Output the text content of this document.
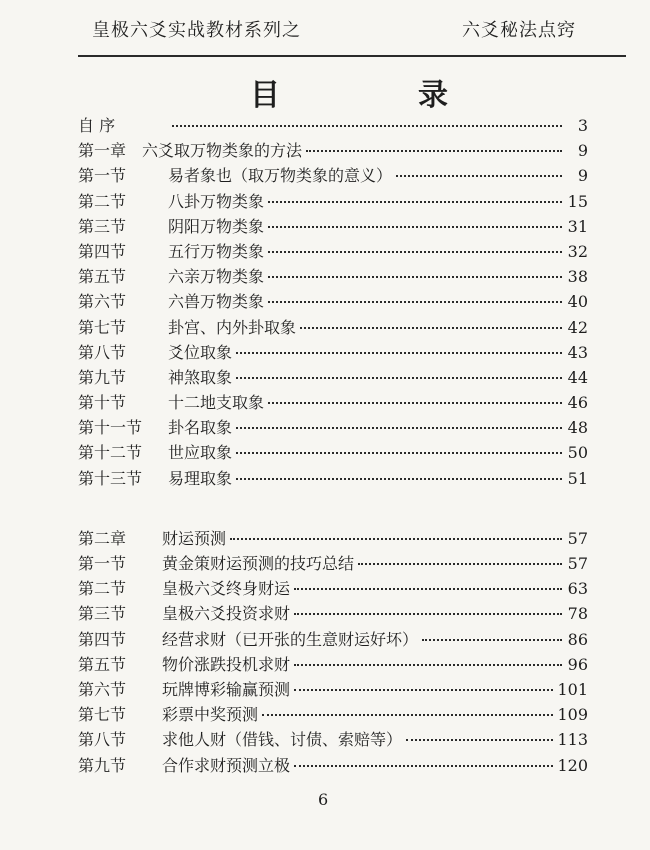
皇极六爻实战教材系列之	六爻秘法点窍
目　录
自 序	3
第一章 六爻取万物类象的方法	9
第一节	易者象也（取万物类象的意义）	9
第二节	八卦万物类象	15
第三节	阴阳万物类象	31
第四节	五行万物类象	32
第五节	六亲万物类象	38
第六节	六兽万物类象	40
第七节	卦宫、内外卦取象	42
第八节	爻位取象	43
第九节	神煞取象	44
第十节	十二地支取象	46
第十一节	卦名取象	48
第十二节	世应取象	50
第十三节	易理取象	51
第二章	财运预测	57
第一节	黄金策财运预测的技巧总结	57
第二节	皇极六爻终身财运	63
第三节	皇极六爻投资求财	78
第四节	经营求财（已开张的生意财运好坏）	86
第五节	物价涨跌投机求财	96
第六节	玩牌博彩输赢预测	101
第七节	彩票中奖预测	109
第八节	求他人财（借钱、讨债、索赔等）	113
第九节	合作求财预测立极	120
6
